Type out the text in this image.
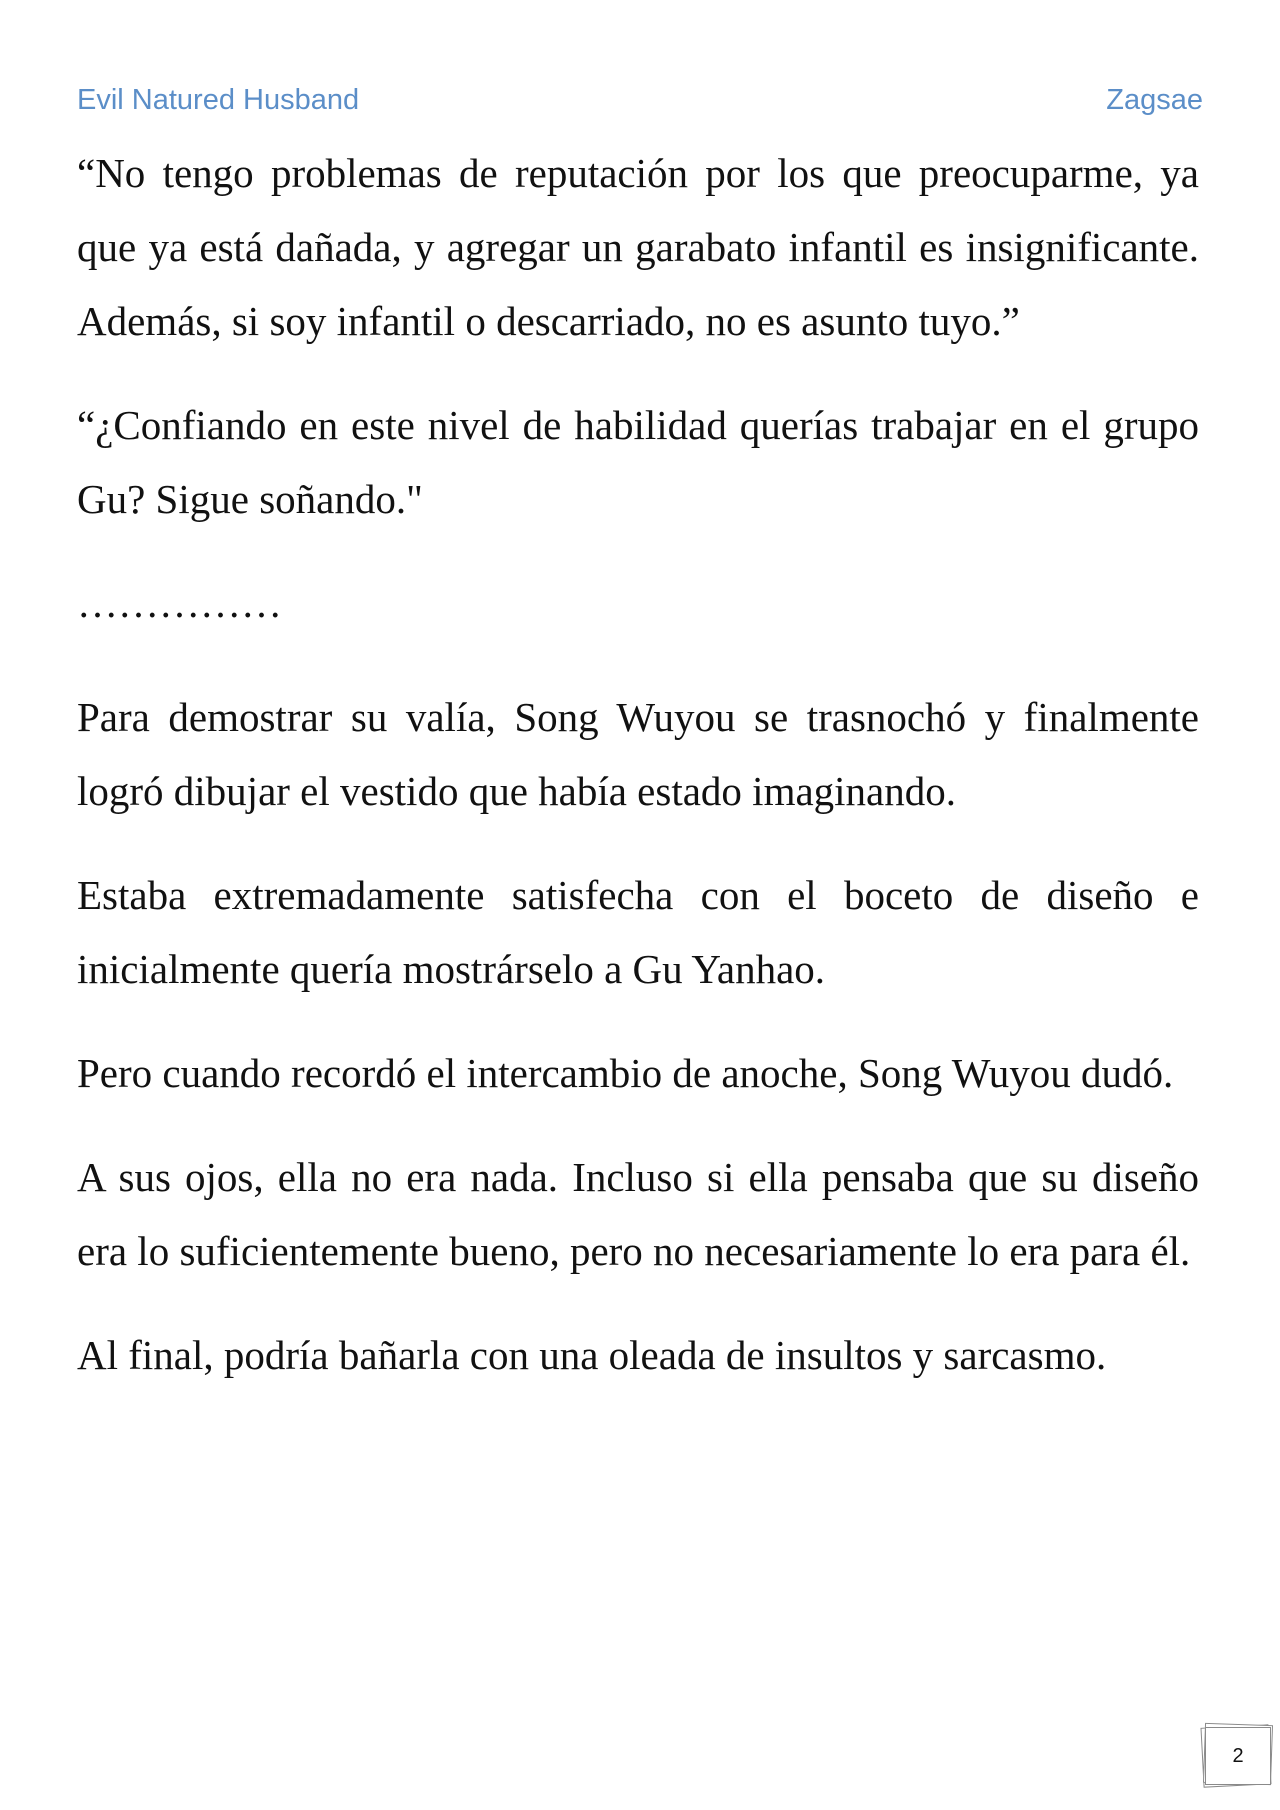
Evil Natured Husband	Zagsae

“No tengo problemas de reputación por los que preocuparme, ya que ya está dañada, y agregar un garabato infantil es insignificante. Además, si soy infantil o descarriado, no es asunto tuyo.”

“¿Confiando en este nivel de habilidad querías trabajar en el grupo Gu? Sigue soñando."

……………

Para demostrar su valía, Song Wuyou se trasnochó y finalmente logró dibujar el vestido que había estado imaginando.

Estaba extremadamente satisfecha con el boceto de diseño e inicialmente quería mostrárselo a Gu Yanhao.

Pero cuando recordó el intercambio de anoche, Song Wuyou dudó.

A sus ojos, ella no era nada. Incluso si ella pensaba que su diseño era lo suficientemente bueno, pero no necesariamente lo era para él.

Al final, podría bañarla con una oleada de insultos y sarcasmo.

2
